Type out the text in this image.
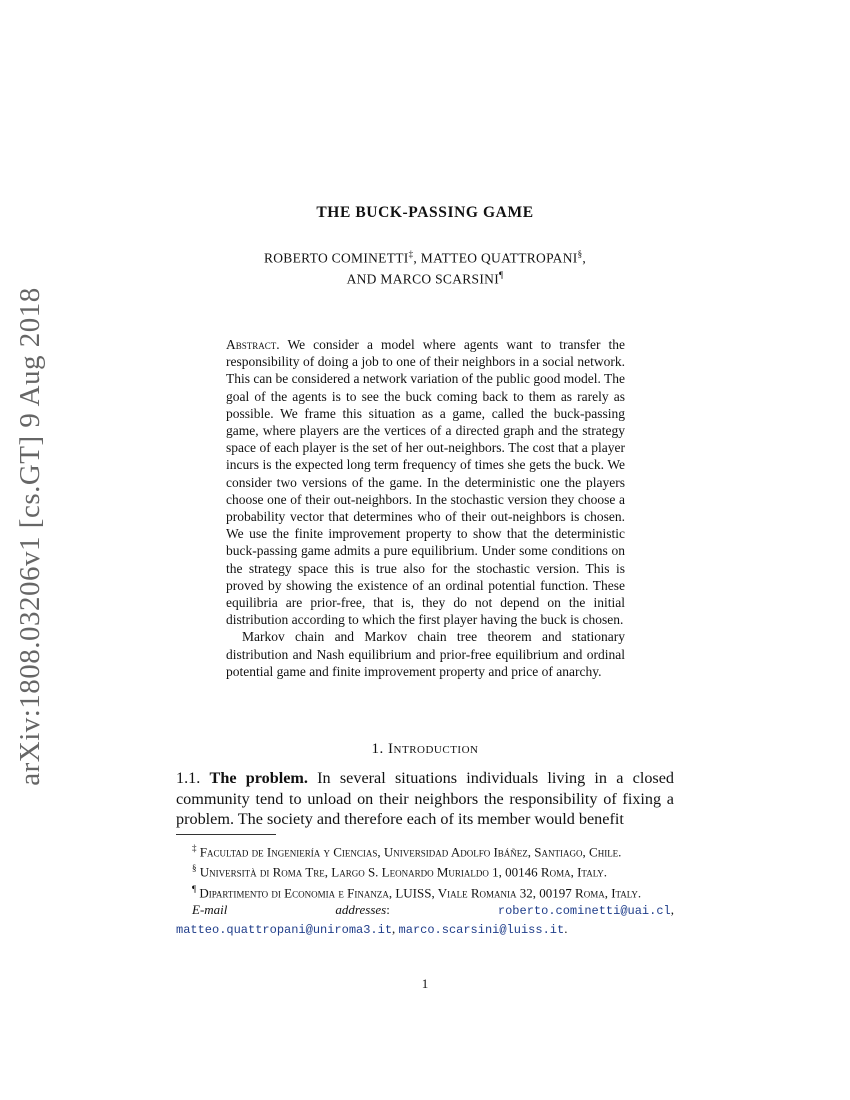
arXiv:1808.03206v1 [cs.GT] 9 Aug 2018
THE BUCK-PASSING GAME
ROBERTO COMINETTI‡, MATTEO QUATTROPANI§,
AND MARCO SCARSINI¶

Abstract. We consider a model where agents want to transfer the responsibility of doing a job to one of their neighbors in a social network. This can be considered a network variation of the public good model. The goal of the agents is to see the buck coming back to them as rarely as possible. We frame this situation as a game, called the buck-passing game, where players are the vertices of a directed graph and the strategy space of each player is the set of her out-neighbors. The cost that a player incurs is the expected long term frequency of times she gets the buck. We consider two versions of the game. In the deterministic one the players choose one of their out-neighbors. In the stochastic version they choose a probability vector that determines who of their out-neighbors is chosen. We use the finite improvement property to show that the deterministic buck-passing game admits a pure equilibrium. Under some conditions on the strategy space this is true also for the stochastic version. This is proved by showing the existence of an ordinal potential function. These equilibria are prior-free, that is, they do not depend on the initial distribution according to which the first player having the buck is chosen.

Markov chain and Markov chain tree theorem and stationary distribution and Nash equilibrium and prior-free equilibrium and ordinal potential game and finite improvement property and price of anarchy.

1. Introduction

1.1. The problem. In several situations individuals living in a closed community tend to unload on their neighbors the responsibility of fixing a problem. The society and therefore each of its member would benefit

‡ Facultad de Ingeniería y Ciencias, Universidad Adolfo Ibáñez, Santiago, Chile.

§ Università di Roma Tre, Largo S. Leonardo Murialdo 1, 00146 Roma, Italy.

¶ Dipartimento di Economia e Finanza, LUISS, Viale Romania 32, 00197 Roma, Italy.

E-mail addresses: roberto.cominetti@uai.cl, matteo.quattropani@uniroma3.it, marco.scarsini@luiss.it.

1
